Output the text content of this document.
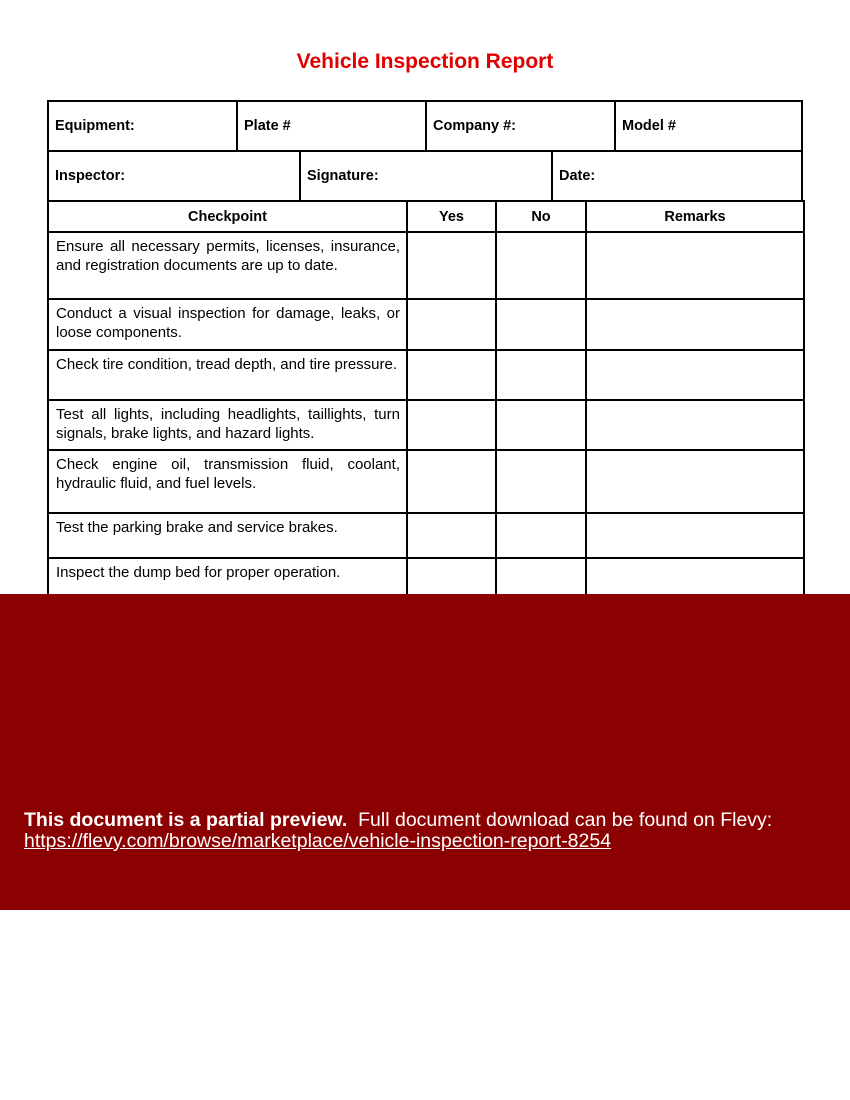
Vehicle Inspection Report
Equipment:	Plate #	Company #:	Model #
Inspector:	Signature:	Date:
Checkpoint	Yes	No	Remarks
Ensure all necessary permits, licenses, insurance, and registration documents are up to date.			
Conduct a visual inspection for damage, leaks, or loose components.			
Check tire condition, tread depth, and tire pressure.			
Test all lights, including headlights, taillights, turn signals, brake lights, and hazard lights.			
Check engine oil, transmission fluid, coolant, hydraulic fluid, and fuel levels.			
Test the parking brake and service brakes.			
Inspect the dump bed for proper operation.			
This document is a partial preview. Full document download can be found on Flevy:
https://flevy.com/browse/marketplace/vehicle-inspection-report-8254
